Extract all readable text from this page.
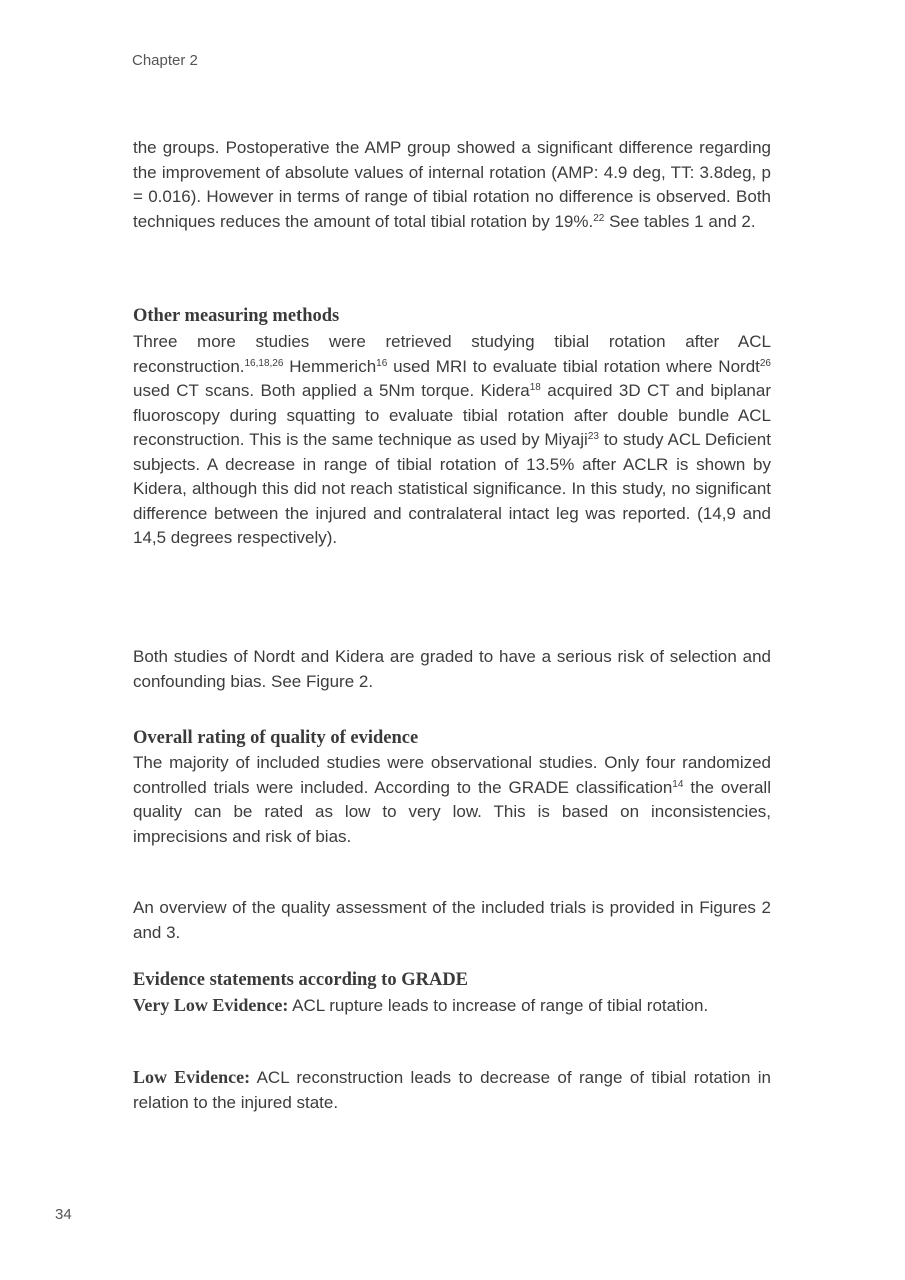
Chapter 2
the groups. Postoperative the AMP group showed a significant difference regarding the improvement of absolute values of internal rotation (AMP: 4.9 deg, TT: 3.8deg, p = 0.016). However in terms of range of tibial rotation no difference is observed. Both techniques reduces the amount of total tibial rotation by 19%.$^{22}$ See tables 1 and 2.
Other measuring methods
Three more studies were retrieved studying tibial rotation after ACL reconstruction.$^{16,18,26}$ Hemmerich$^{16}$ used MRI to evaluate tibial rotation where Nordt$^{26}$ used CT scans. Both applied a 5Nm torque. Kidera$^{18}$ acquired 3D CT and biplanar fluoroscopy during squatting to evaluate tibial rotation after double bundle ACL reconstruction. This is the same technique as used by Miyaji$^{23}$ to study ACL Deficient subjects. A decrease in range of tibial rotation of 13.5% after ACLR is shown by Kidera, although this did not reach statistical significance. In this study, no significant difference between the injured and contralateral intact leg was reported. (14,9 and 14,5 degrees respectively).
Both studies of Nordt and Kidera are graded to have a serious risk of selection and confounding bias. See Figure 2.
Overall rating of quality of evidence
The majority of included studies were observational studies. Only four randomized controlled trials were included. According to the GRADE classification$^{14}$ the overall quality can be rated as low to very low. This is based on inconsistencies, imprecisions and risk of bias.
An overview of the quality assessment of the included trials is provided in Figures 2 and 3.
Evidence statements according to GRADE
Very Low Evidence: ACL rupture leads to increase of range of tibial rotation.
Low Evidence: ACL reconstruction leads to decrease of range of tibial rotation in relation to the injured state.
34
